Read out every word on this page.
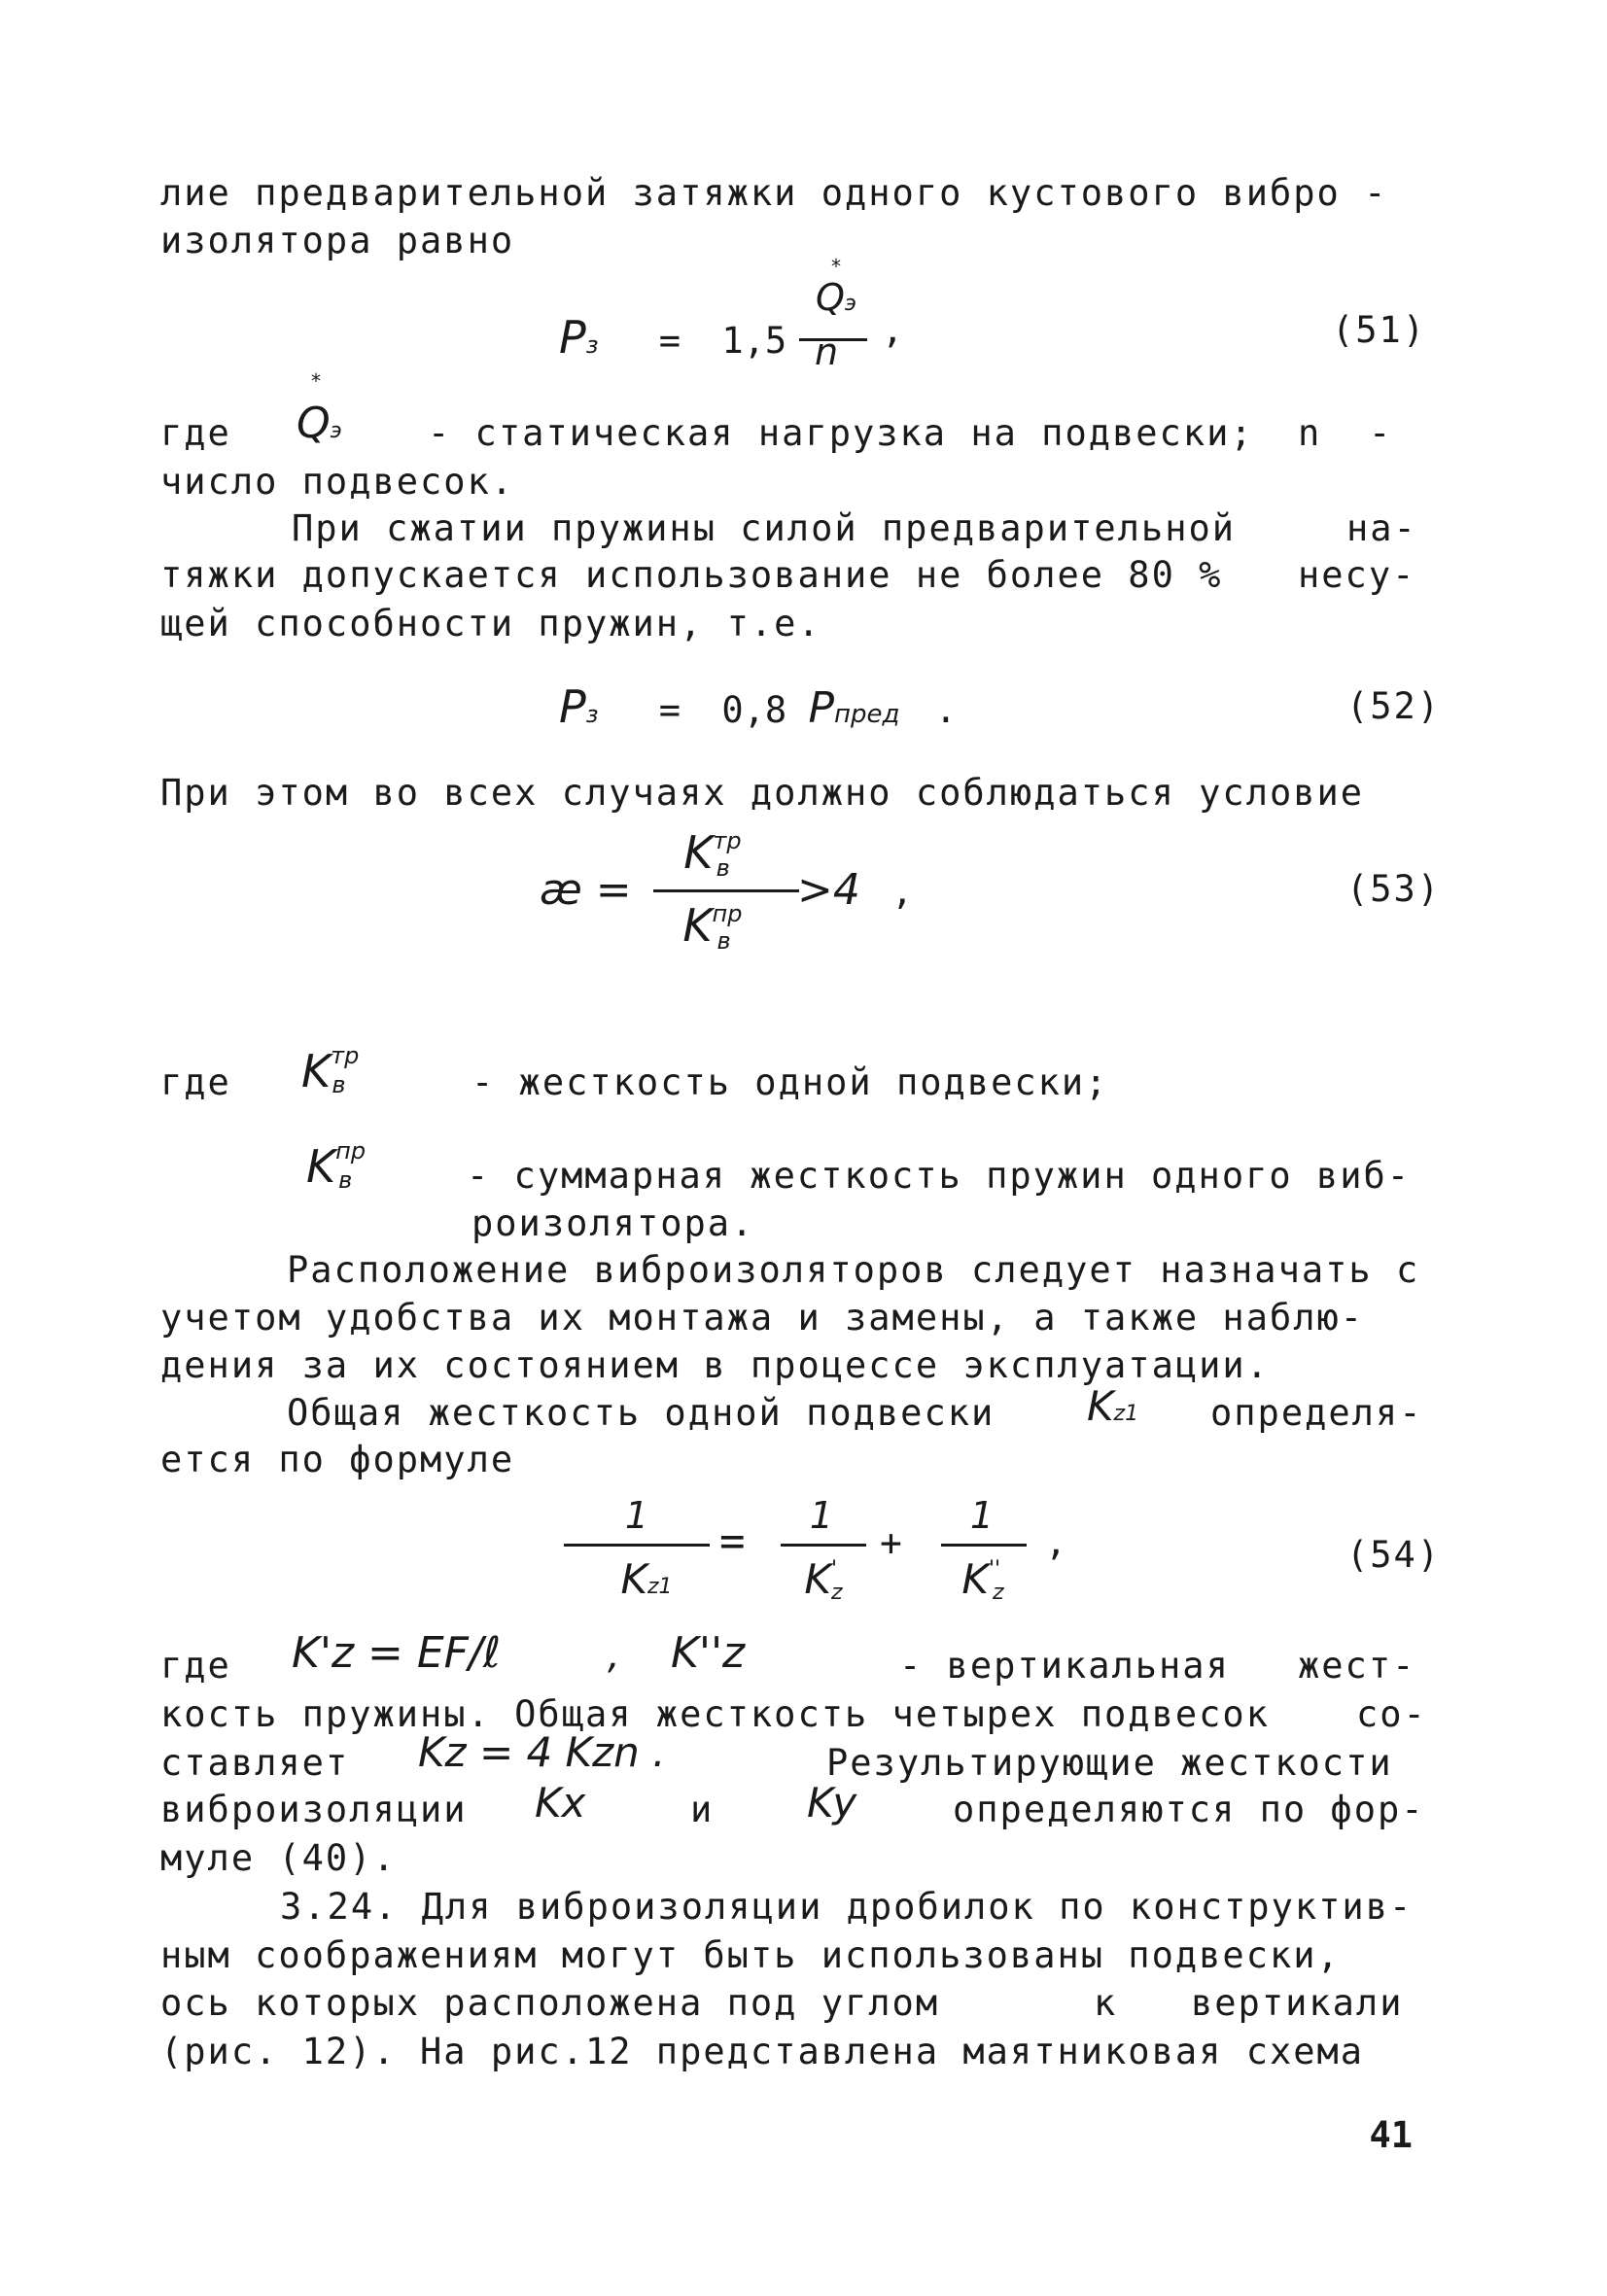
лие предварительной затяжки одного кустового вибро -
изолятора равно
Pз = 1,5
*
Qэ
n
,	(51)
где
*
Qэ - статическая нагрузка на подвески; n -
число подвесок.
При сжатии пружины силой предварительной	на-
тяжки допускается использование не более 80 % несу-
щей способности пружин, т.е.
Pз = 0,8 Pпред .	(52)
При этом во всех случаях должно соблюдаться условие
æ =
$K^{тр}в$
$K^{пр}в$
>4 ,	(53)
где $K^{тр}в$	- жесткость одной подвески;
$K^{пр}в$	- суммарная жесткость пружин одного виб-
роизолятора.
Расположение виброизоляторов следует назначать с
учетом удобства их монтажа и замены, а также наблю-
дения за их состоянием в процессе эксплуатации.
Общая жесткость одной подвески Kz1 определя-
ется по формуле
1
Kz1
=
1
K'z
+
1
K''z
,	(54)
где K'z = EF/ℓ	, K''z	- вертикальная жест-
кость пружины. Общая жесткость четырех подвесок со-
ставляет Kz = 4 Kzn .	Результирующие жесткости
виброизоляции Kx	и Ky	определяются по фор-
муле (40).
3.24. Для виброизоляции дробилок по конструктив-
ным соображениям могут быть использованы подвески,
ось которых расположена под углом	к вертикали
(рис. 12). На рис.12 представлена маятниковая схема
41
